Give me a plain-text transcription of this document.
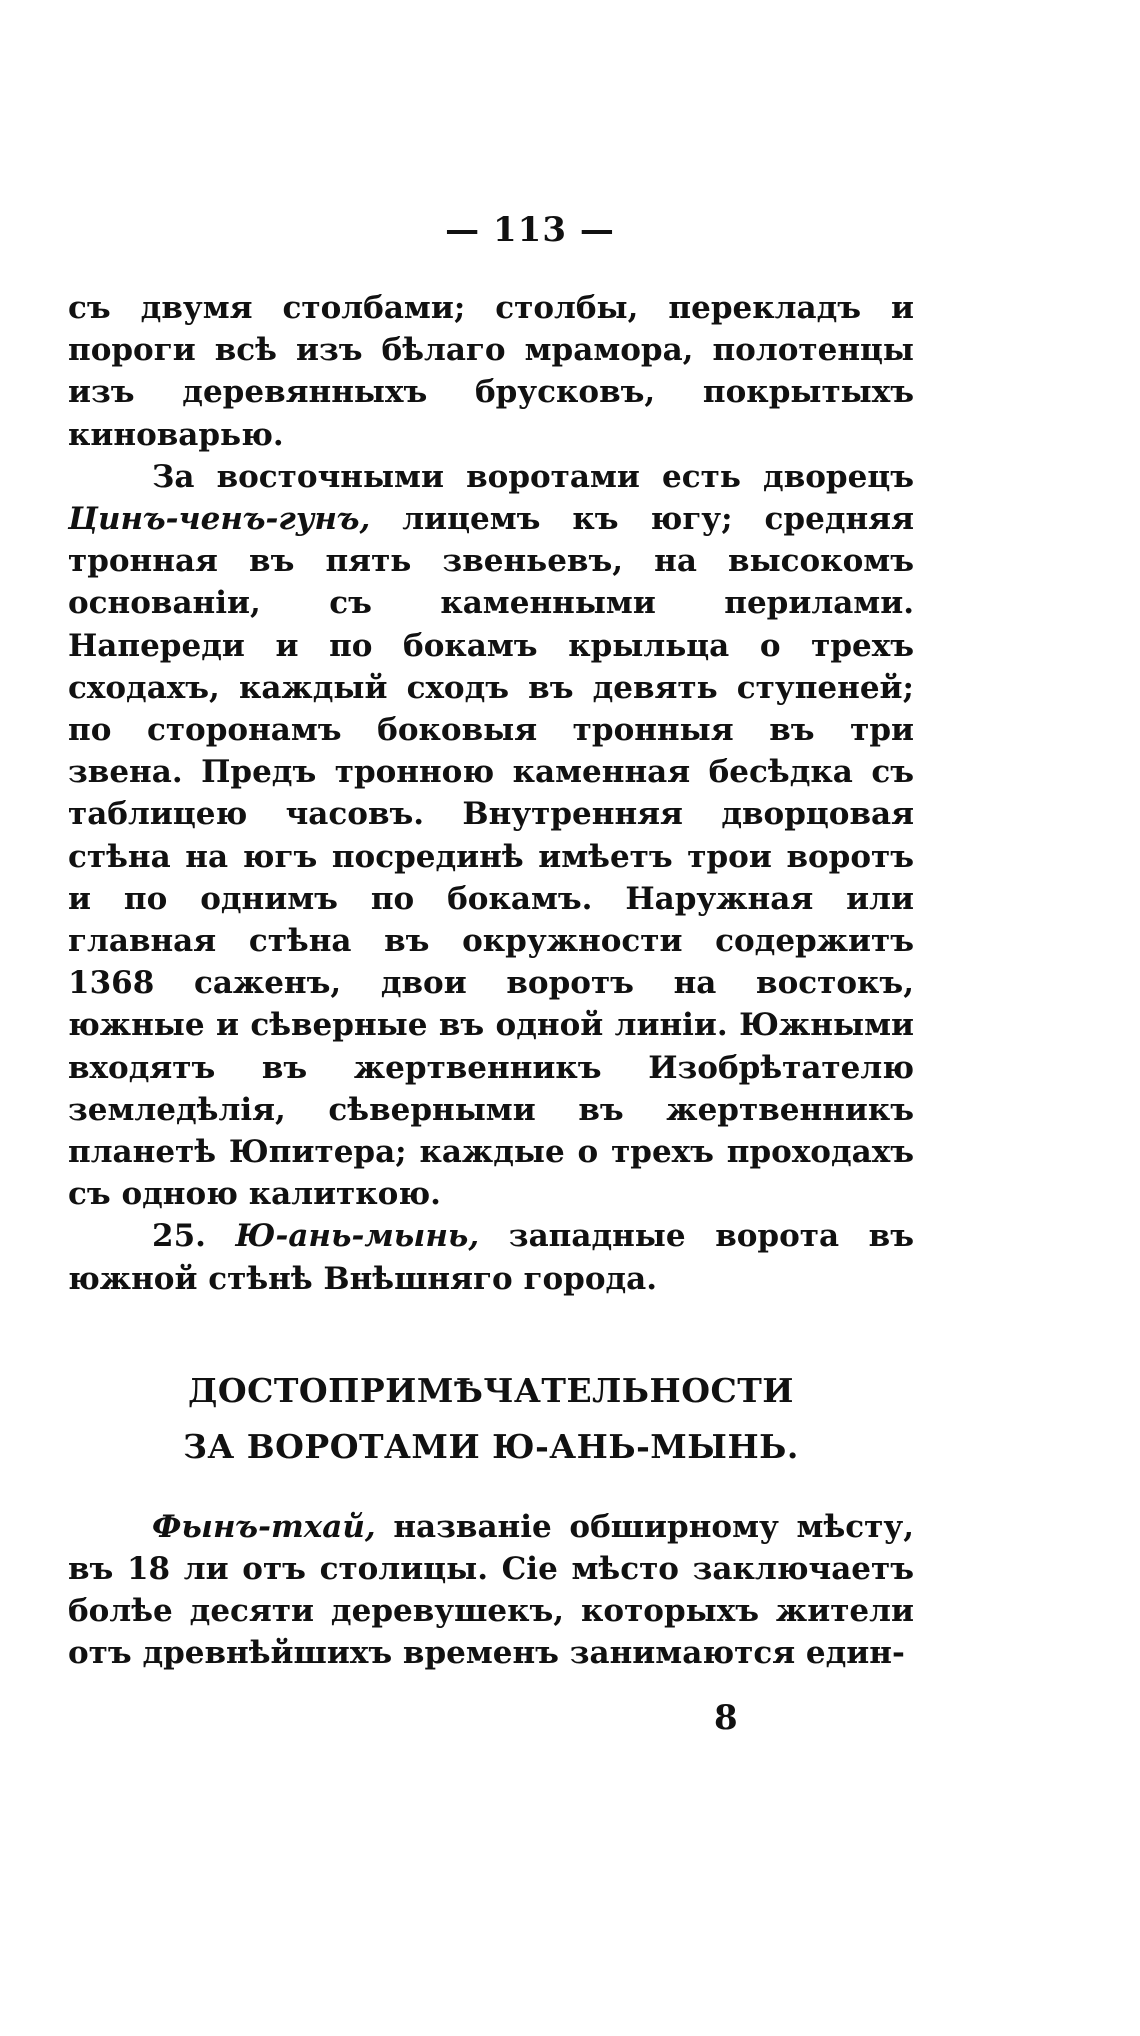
— 113 —

съ двумя столбами; столбы, перекладъ и пороги всѣ изъ бѣлаго мрамора, полотенцы изъ деревянныхъ брусковъ, покрытыхъ киноварью.

За восточными воротами есть дворецъ Цинъ-ченъ-гунъ, лицемъ къ югу; средняя тронная въ пять звеньевъ, на высокомъ основаніи, съ каменными перилами. Напереди и по бокамъ крыльца о трехъ сходахъ, каждый сходъ въ девять ступеней; по сторонамъ боковыя тронныя въ три звена. Предъ тронною каменная бесѣдка съ таблицею часовъ. Внутренняя дворцовая стѣна на югъ посрединѣ имѣетъ трои воротъ и по однимъ по бокамъ. Наружная или главная стѣна въ окружности содержитъ 1368 саженъ, двои воротъ на востокъ, южные и сѣверные въ одной линіи. Южными входятъ въ жертвенникъ Изобрѣтателю земледѣлія, сѣверными въ жертвенникъ планетѣ Юпитера; каждые о трехъ проходахъ съ одною калиткою.

25. Ю-ань-мынь, западные ворота въ южной стѣнѣ Внѣшняго города.

ДОСТОПРИМѢЧАТЕЛЬНОСТИ
ЗА ВОРОТАМИ Ю-АНЬ-МЫНЬ.

Фынъ-тхай, названіе обширному мѣсту, въ 18 ли отъ столицы. Сіе мѣсто заключаетъ болѣе десяти деревушекъ, которыхъ жители отъ древнѣйшихъ временъ занимаются един-

8
